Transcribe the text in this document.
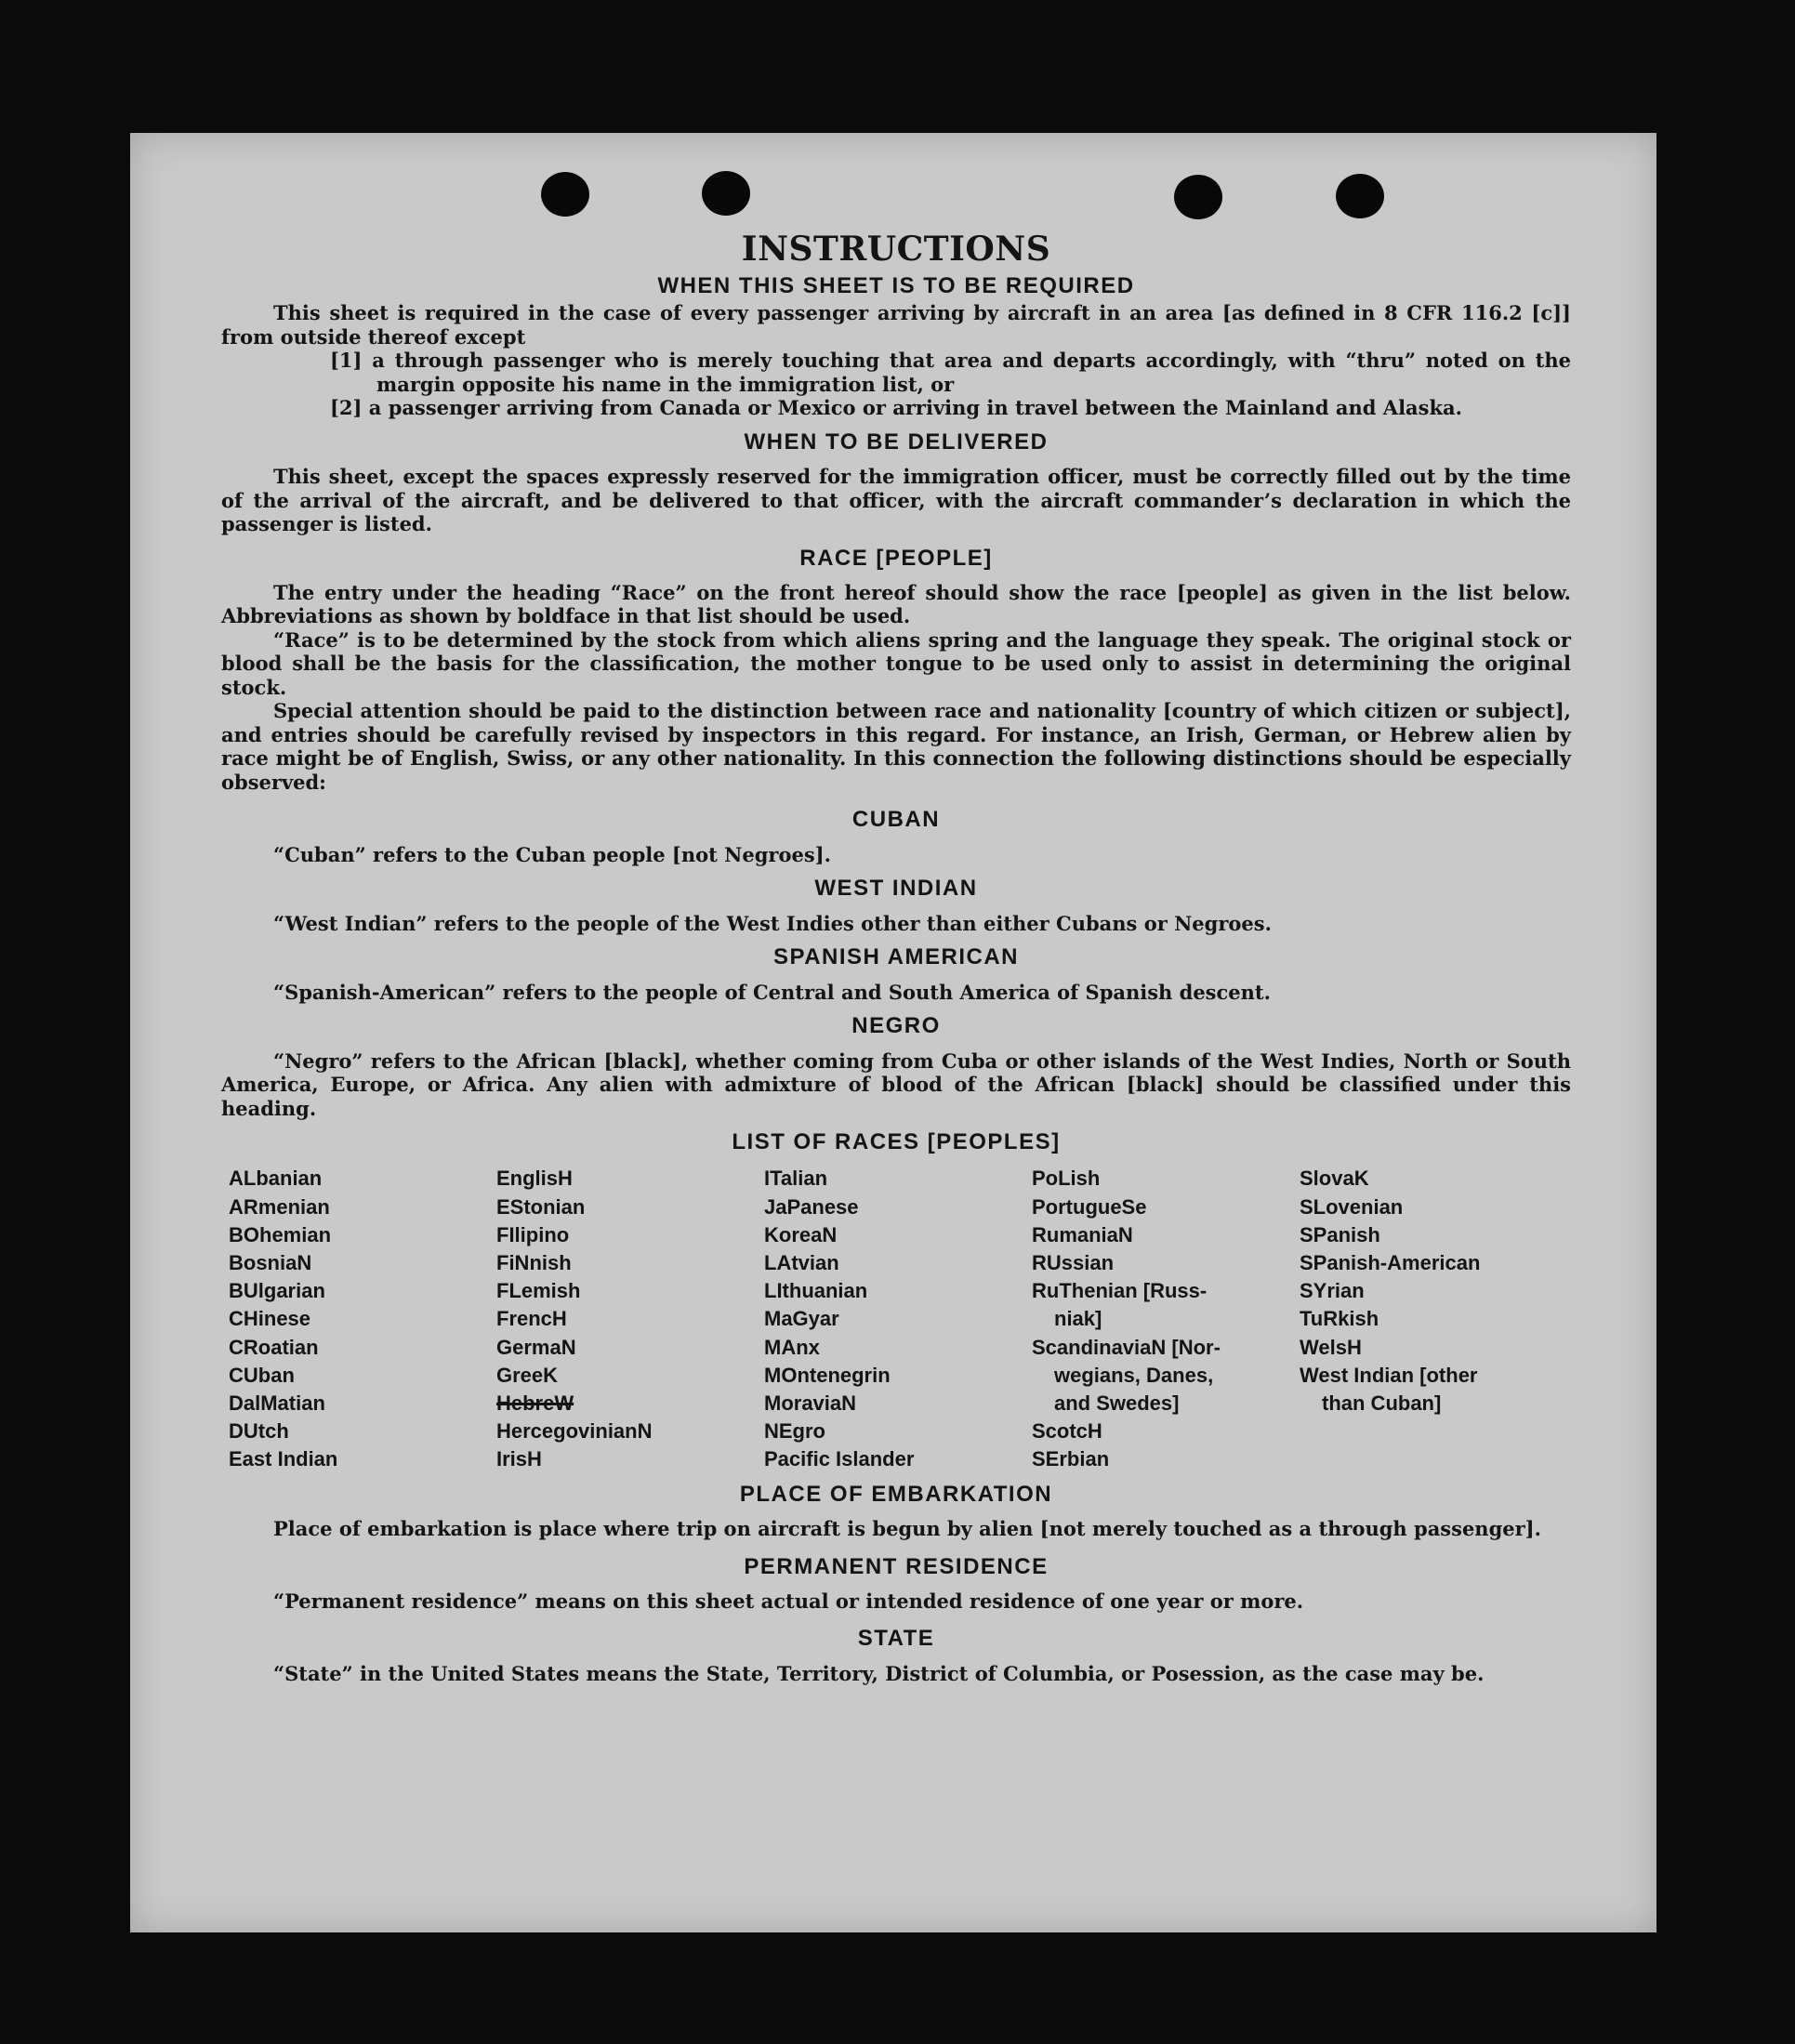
INSTRUCTIONS
WHEN THIS SHEET IS TO BE REQUIRED

This sheet is required in the case of every passenger arriving by aircraft in an area [as defined in 8 CFR 116.2 [c]] from outside thereof except

[1] a through passenger who is merely touching that area and departs accordingly, with “thru” noted on the margin opposite his name in the immigration list, or

[2] a passenger arriving from Canada or Mexico or arriving in travel between the Mainland and Alaska.

WHEN TO BE DELIVERED

This sheet, except the spaces expressly reserved for the immigration officer, must be correctly filled out by the time of the arrival of the aircraft, and be delivered to that officer, with the aircraft commander’s declaration in which the passenger is listed.

RACE [PEOPLE]

The entry under the heading “Race” on the front hereof should show the race [people] as given in the list below. Abbreviations as shown by boldface in that list should be used.

“Race” is to be determined by the stock from which aliens spring and the language they speak. The original stock or blood shall be the basis for the classification, the mother tongue to be used only to assist in determining the original stock.

Special attention should be paid to the distinction between race and nationality [country of which citizen or subject], and entries should be carefully revised by inspectors in this regard. For instance, an Irish, German, or Hebrew alien by race might be of English, Swiss, or any other nationality. In this connection the following distinctions should be especially observed:

CUBAN

“Cuban” refers to the Cuban people [not Negroes].

WEST INDIAN

“West Indian” refers to the people of the West Indies other than either Cubans or Negroes.

SPANISH AMERICAN

“Spanish-American” refers to the people of Central and South America of Spanish descent.

NEGRO

“Negro” refers to the African [black], whether coming from Cuba or other islands of the West Indies, North or South America, Europe, or Africa. Any alien with admixture of blood of the African [black] should be classified under this heading.

LIST OF RACES [PEOPLES]
ALbanian
ARmenian
BOhemian
BosniaN
BUlgarian
CHinese
CRoatian
CUban
DalMatian
DUtch
East Indian
EnglisH
EStonian
FIlipino
FiNnish
FLemish
FrencH
GermaN
GreeK
HebreW
HercegovinianN
IrisH
ITalian
JaPanese
KoreaN
LAtvian
LIthuanian
MaGyar
MAnx
MOntenegrin
MoraviaN
NEgro
Pacific Islander
PoLish
PortugueSe
RumaniaN
RUssian
RuThenian [Russ-
niak]
ScandinaviaN [Nor-
wegians, Danes,
and Swedes]
ScotcH
SErbian
SlovaK
SLovenian
SPanish
SPanish-American
SYrian
TuRkish
WelsH
West Indian [other
than Cuban]
PLACE OF EMBARKATION

Place of embarkation is place where trip on aircraft is begun by alien [not merely touched as a through passenger].

PERMANENT RESIDENCE

“Permanent residence” means on this sheet actual or intended residence of one year or more.

STATE

“State” in the United States means the State, Territory, District of Columbia, or Posession, as the case may be.
